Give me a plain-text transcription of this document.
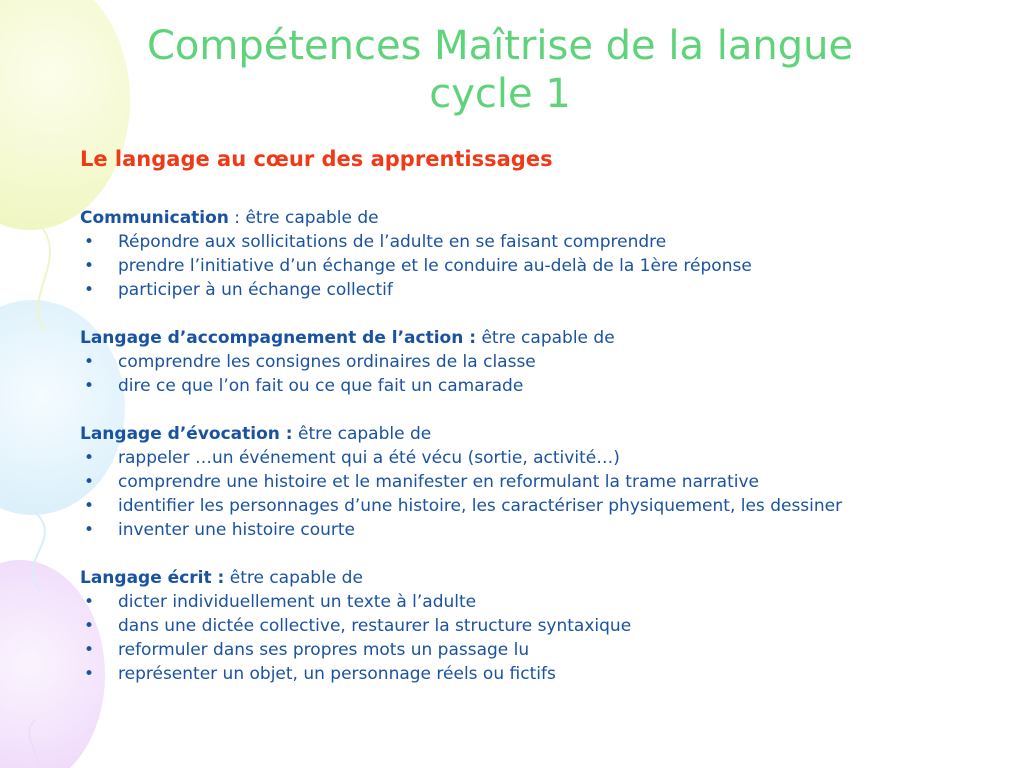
Compétences Maîtrise de la langue
cycle 1
Le langage au cœur des apprentissages

Communication : être capable de

• Répondre aux sollicitations de l’adulte en se faisant comprendre
• prendre l’initiative d’un échange et le conduire au-delà de la 1ère réponse
• participer à un échange collectif

Langage d’accompagnement de l’action : être capable de

• comprendre les consignes ordinaires de la classe
• dire ce que l’on fait ou ce que fait un camarade

Langage d’évocation : être capable de

• rappeler …un événement qui a été vécu (sortie, activité…)
• comprendre une histoire et le manifester en reformulant la trame narrative
• identifier les personnages d’une histoire, les caractériser physiquement, les dessiner
• inventer une histoire courte

Langage écrit : être capable de

• dicter individuellement un texte à l’adulte
• dans une dictée collective, restaurer la structure syntaxique
• reformuler dans ses propres mots un passage lu
• représenter un objet, un personnage réels ou fictifs
